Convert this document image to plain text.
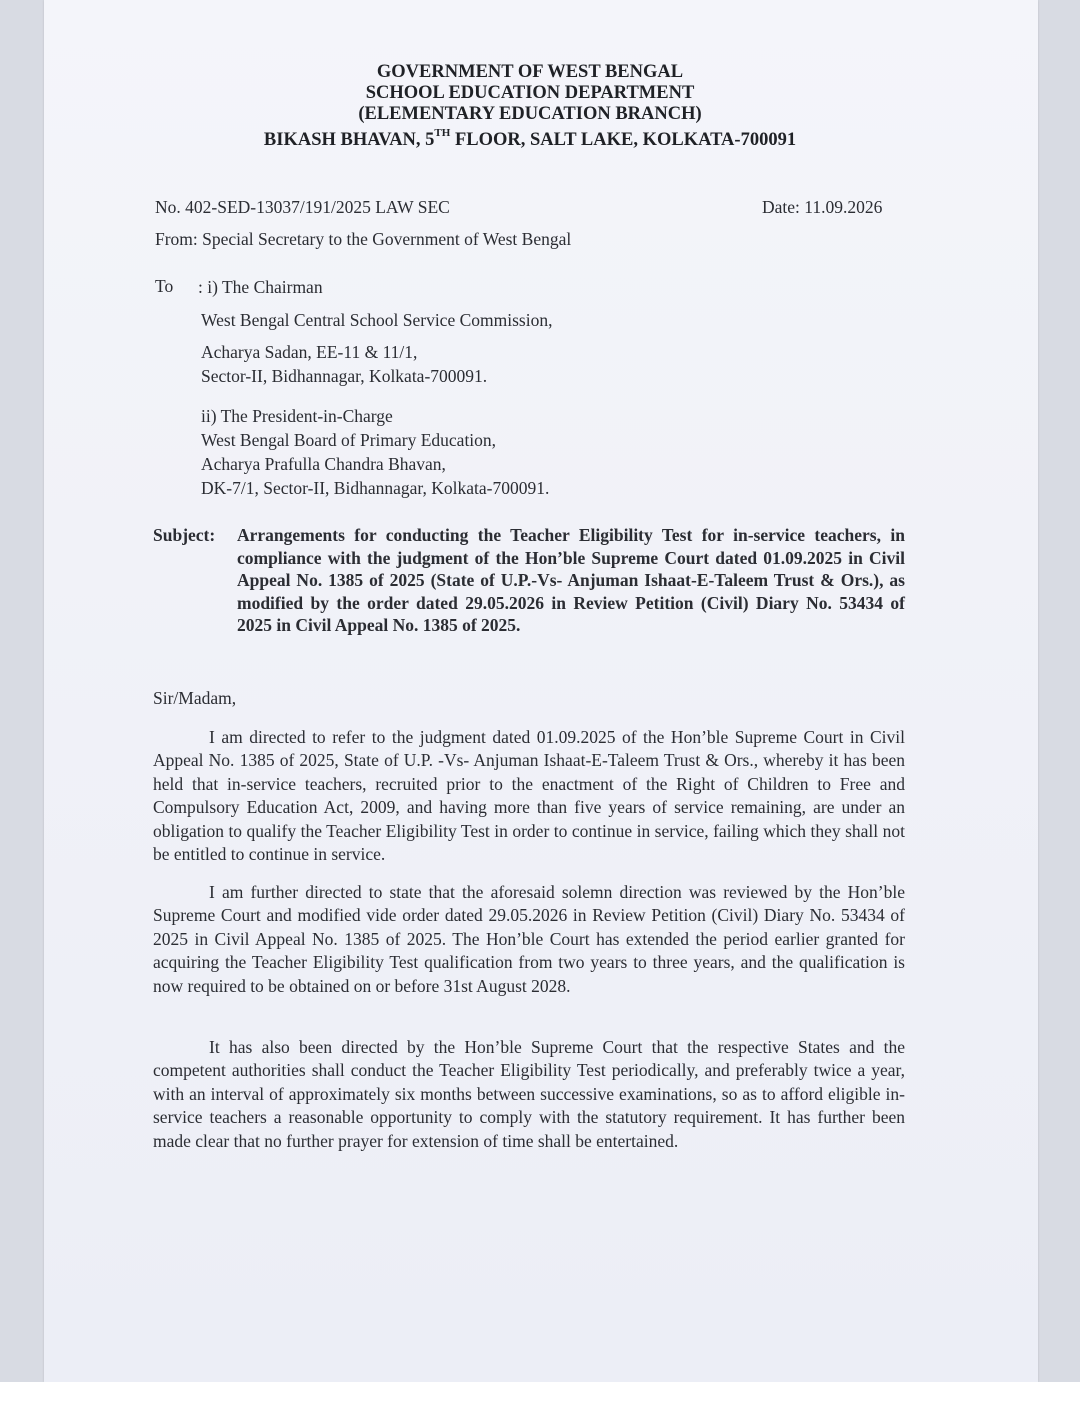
GOVERNMENT OF WEST BENGAL
SCHOOL EDUCATION DEPARTMENT
(ELEMENTARY EDUCATION BRANCH)
BIKASH BHAVAN, 5TH FLOOR, SALT LAKE, KOLKATA-700091
No. 402-SED-13037/191/2025 LAW SEC	Date: 11.09.2026
From: Special Secretary to the Government of West Bengal
To : i) The Chairman
West Bengal Central School Service Commission,
Acharya Sadan, EE-11 & 11/1,
Sector-II, Bidhannagar, Kolkata-700091.
ii) The President-in-Charge
West Bengal Board of Primary Education,
Acharya Prafulla Chandra Bhavan,
DK-7/1, Sector-II, Bidhannagar, Kolkata-700091.
Subject: Arrangements for conducting the Teacher Eligibility Test for in-service teachers, in compliance with the judgment of the Hon’ble Supreme Court dated 01.09.2025 in Civil Appeal No. 1385 of 2025 (State of U.P.-Vs- Anjuman Ishaat-E-Taleem Trust & Ors.), as modified by the order dated 29.05.2026 in Review Petition (Civil) Diary No. 53434 of 2025 in Civil Appeal No. 1385 of 2025.
Sir/Madam,
I am directed to refer to the judgment dated 01.09.2025 of the Hon’ble Supreme Court in Civil Appeal No. 1385 of 2025, State of U.P. -Vs- Anjuman Ishaat-E-Taleem Trust & Ors., whereby it has been held that in-service teachers, recruited prior to the enactment of the Right of Children to Free and Compulsory Education Act, 2009, and having more than five years of service remaining, are under an obligation to qualify the Teacher Eligibility Test in order to continue in service, failing which they shall not be entitled to continue in service.
I am further directed to state that the aforesaid solemn direction was reviewed by the Hon’ble Supreme Court and modified vide order dated 29.05.2026 in Review Petition (Civil) Diary No. 53434 of 2025 in Civil Appeal No. 1385 of 2025. The Hon’ble Court has extended the period earlier granted for acquiring the Teacher Eligibility Test qualification from two years to three years, and the qualification is now required to be obtained on or before 31st August 2028.
It has also been directed by the Hon’ble Supreme Court that the respective States and the competent authorities shall conduct the Teacher Eligibility Test periodically, and preferably twice a year, with an interval of approximately six months between successive examinations, so as to afford eligible in-service teachers a reasonable opportunity to comply with the statutory requirement. It has further been made clear that no further prayer for extension of time shall be entertained.
